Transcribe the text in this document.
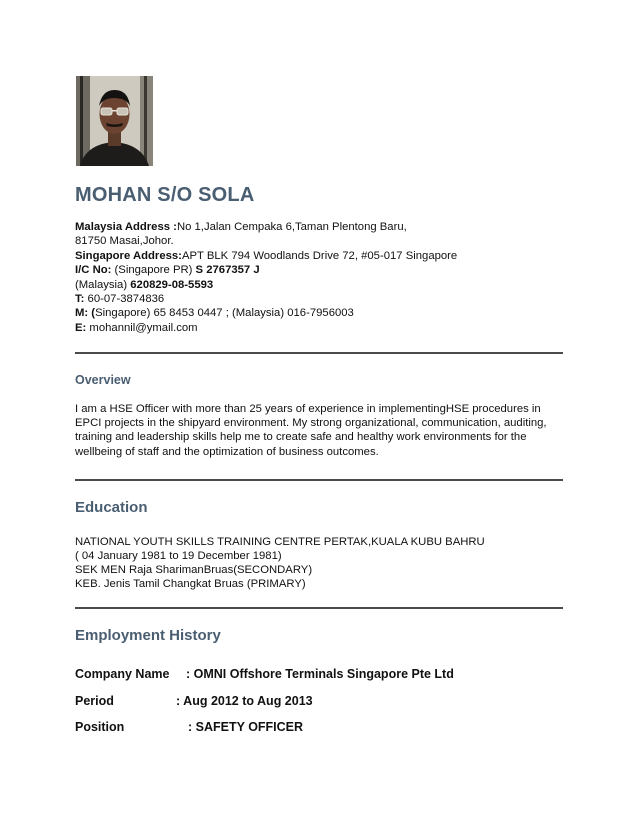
MOHAN S/O SOLA
Malaysia Address :No 1,Jalan Cempaka 6,Taman Plentong Baru,
81750 Masai,Johor.
Singapore Address:APT BLK 794 Woodlands Drive 72, #05-017 Singapore
I/C No: (Singapore PR) S 2767357 J
(Malaysia) 620829-08-5593
T: 60-07-3874836
M: (Singapore) 65 8453 0447 ; (Malaysia) 016-7956003
E: mohannil@ymail.com
Overview
I am a HSE Officer with more than 25 years of experience in implementingHSE procedures in EPCI projects in the shipyard environment. My strong organizational, communication, auditing, training and leadership skills help me to create safe and healthy work environments for the wellbeing of staff and the optimization of business outcomes.
Education
NATIONAL YOUTH SKILLS TRAINING CENTRE PERTAK,KUALA KUBU BAHRU
( 04 January 1981 to 19 December 1981)
SEK MEN Raja SharimanBruas(SECONDARY)
KEB. Jenis Tamil Changkat Bruas (PRIMARY)
Employment History
Company Name : OMNI Offshore Terminals Singapore Pte Ltd
Period	: Aug 2012 to Aug 2013
Position	: SAFETY OFFICER
